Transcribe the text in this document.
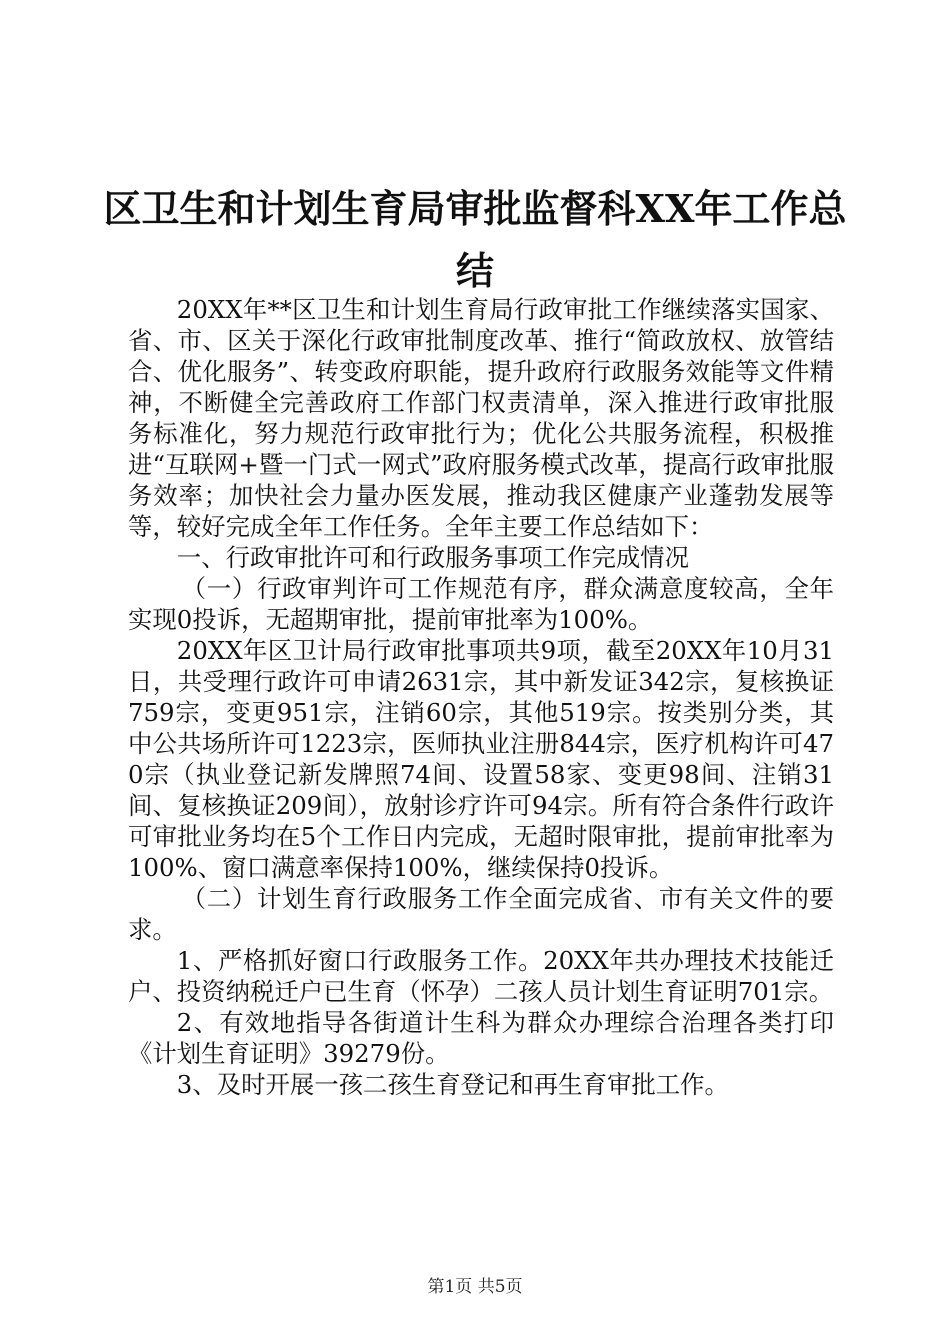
区卫生和计划生育局审批监督科XX年工作总结

20XX年**区卫生和计划生育局行政审批工作继续落实国家、省、市、区关于深化行政审批制度改革、推行“简政放权、放管结合、优化服务”、转变政府职能，提升政府行政服务效能等文件精神，不断健全完善政府工作部门权责清单，深入推进行政审批服务标准化，努力规范行政审批行为；优化公共服务流程，积极推进“互联网+暨一门式一网式”政府服务模式改革，提高行政审批服务效率；加快社会力量办医发展，推动我区健康产业蓬勃发展等等，较好完成全年工作任务。全年主要工作总结如下：

一、行政审批许可和行政服务事项工作完成情况

（一）行政审判许可工作规范有序，群众满意度较高，全年实现0投诉，无超期审批，提前审批率为100%。

20XX年区卫计局行政审批事项共9项，截至20XX年10月31日，共受理行政许可申请2631宗，其中新发证342宗，复核换证759宗，变更951宗，注销60宗，其他519宗。按类别分类，其中公共场所许可1223宗，医师执业注册844宗，医疗机构许可470宗（执业登记新发牌照74间、设置58家、变更98间、注销31间、复核换证209间），放射诊疗许可94宗。所有符合条件行政许可审批业务均在5个工作日内完成，无超时限审批，提前审批率为100%、窗口满意率保持100%，继续保持0投诉。

（二）计划生育行政服务工作全面完成省、市有关文件的要求。

1、严格抓好窗口行政服务工作。20XX年共办理技术技能迁户、投资纳税迁户已生育（怀孕）二孩人员计划生育证明701宗。

2、有效地指导各街道计生科为群众办理综合治理各类打印《计划生育证明》39279份。

3、及时开展一孩二孩生育登记和再生育审批工作。

第1页 共5页
